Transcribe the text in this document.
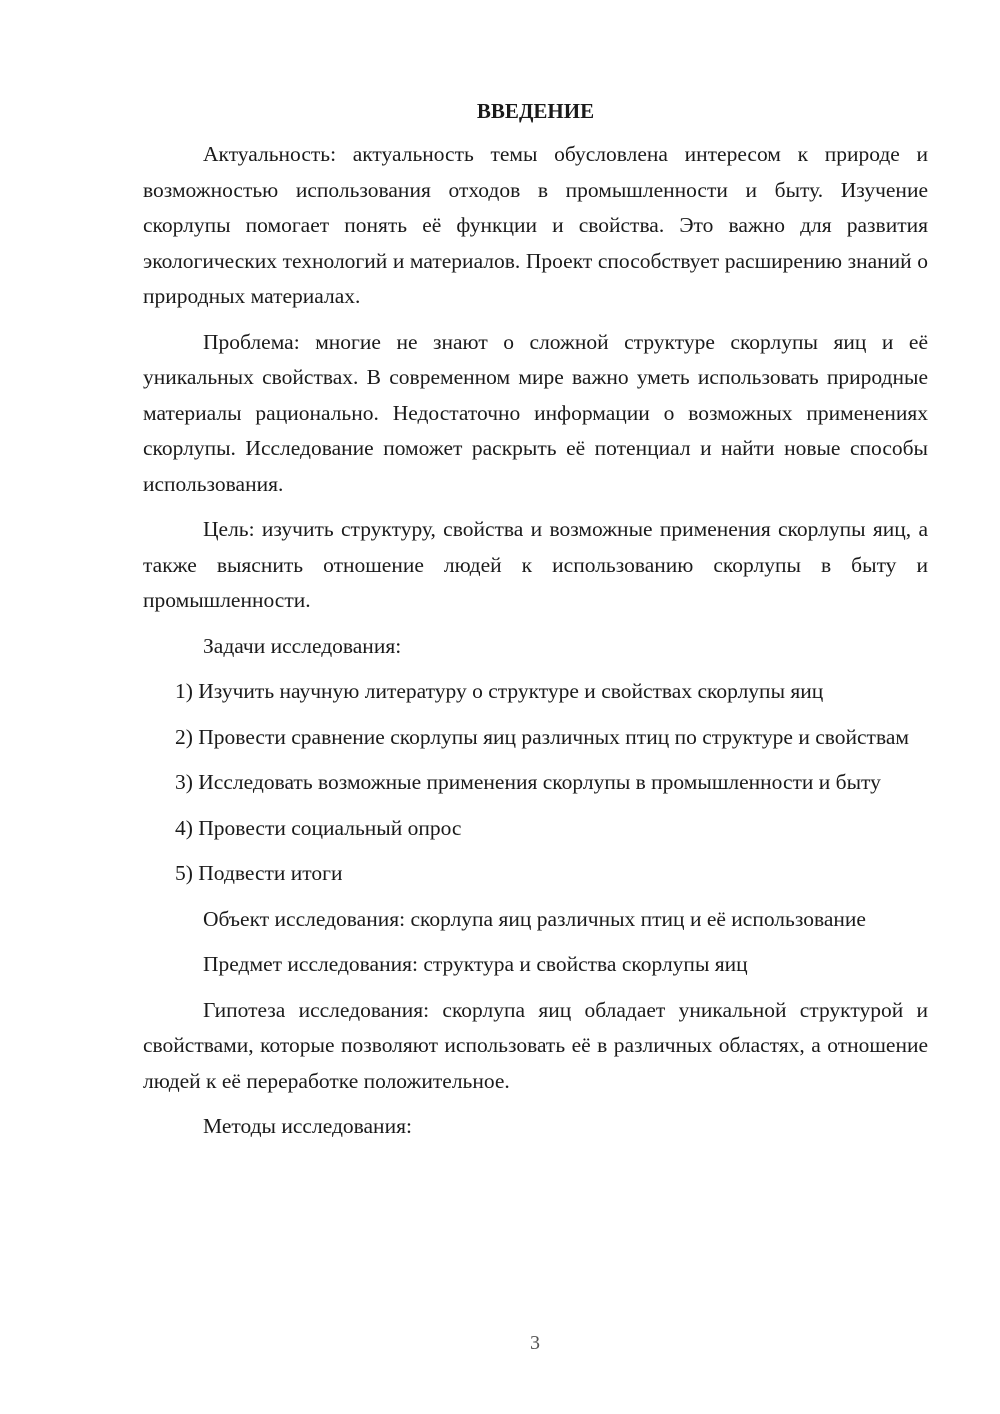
ВВЕДЕНИЕ

Актуальность: актуальность темы обусловлена интересом к природе и возможностью использования отходов в промышленности и быту. Изучение скорлупы помогает понять её функции и свойства. Это важно для развития экологических технологий и материалов. Проект способствует расширению знаний о природных материалах.

Проблема: многие не знают о сложной структуре скорлупы яиц и её уникальных свойствах. В современном мире важно уметь использовать природные материалы рационально. Недостаточно информации о возможных применениях скорлупы. Исследование поможет раскрыть её потенциал и найти новые способы использования.

Цель: изучить структуру, свойства и возможные применения скорлупы яиц, а также выяснить отношение людей к использованию скорлупы в быту и промышленности.

Задачи исследования:

1) Изучить научную литературу о структуре и свойствах скорлупы яиц

2) Провести сравнение скорлупы яиц различных птиц по структуре и свойствам

3) Исследовать возможные применения скорлупы в промышленности и быту

4) Провести социальный опрос

5) Подвести итоги

Объект исследования: скорлупа яиц различных птиц и её использование

Предмет исследования: структура и свойства скорлупы яиц

Гипотеза исследования: скорлупа яиц обладает уникальной структурой и свойствами, которые позволяют использовать её в различных областях, а отношение людей к её переработке положительное.

Методы исследования:

3
